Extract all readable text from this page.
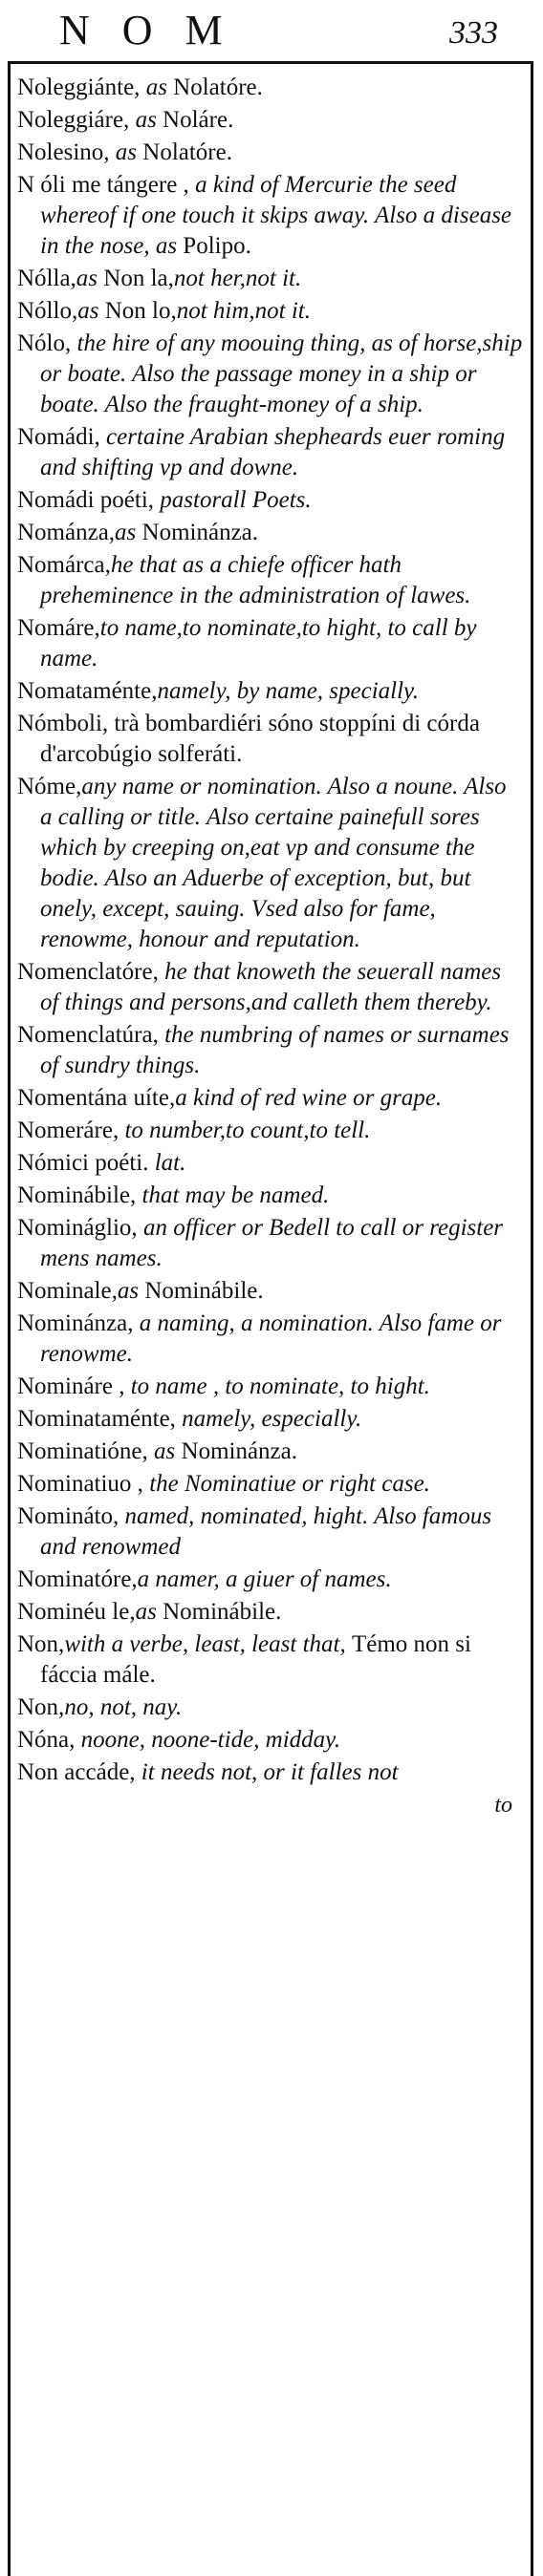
NOM	333
Noleggiánte, as Nolatóre.
Noleggiáre, as Noláre.
Nolesino, as Nolatóre.
N óli me tángere , a kind of Mercurie the seed whereof if one touch it skips away. Also a disease in the nose, as Polipo.
Nólla,as Non la,not her,not it.
Nóllo,as Non lo,not him,not it.
Nólo, the hire of any moouing thing, as of horse,ship or boate. Also the passage money in a ship or boate. Also the fraught-money of a ship.
Nomádi, certaine Arabian shepheards euer roming and shifting vp and downe.
Nomádi poéti, pastorall Poets.
Nománza,as Nominánza.
Nomárca,he that as a chiefe officer hath preheminence in the administration of lawes.
Nomáre,to name,to nominate,to hight, to call by name.
Nomataménte,namely, by name, specially.
Nómboli, trà bombardiéri sóno stoppíni di córda d'arcobúgio solferáti.
Nóme,any name or nomination. Also a noune. Also a calling or title. Also certaine painefull sores which by creeping on,eat vp and consume the bodie. Also an Aduerbe of exception, but, but onely, except, sauing. Vsed also for fame, renowme, honour and reputation.
Nomenclatóre, he that knoweth the seuerall names of things and persons,and calleth them thereby.
Nomenclatúra, the numbring of names or surnames of sundry things.
Nomentána uíte,a kind of red wine or grape.
Nomeráre, to number,to count,to tell.
Nómici poéti. lat.
Nominábile, that may be named.
Nomináglio, an officer or Bedell to call or register mens names.
Nominale,as Nominábile.
Nominánza, a naming, a nomination. Also fame or renowme.
Nomináre , to name , to nominate, to hight.
Nominataménte, namely, especially.
Nominatióne, as Nominánza.
Nominatiuo , the Nominatiue or right case.
Nomináto, named, nominated, hight. Also famous and renowmed
Nominatóre,a namer, a giuer of names.
Nominéu le,as Nominábile.
Non,with a verbe, least, least that, Témo non si fáccia mále.
Non,no, not, nay.
Nóna, noone, noone-tide, midday.
Non accáde, it needs not, or it falles not
to
